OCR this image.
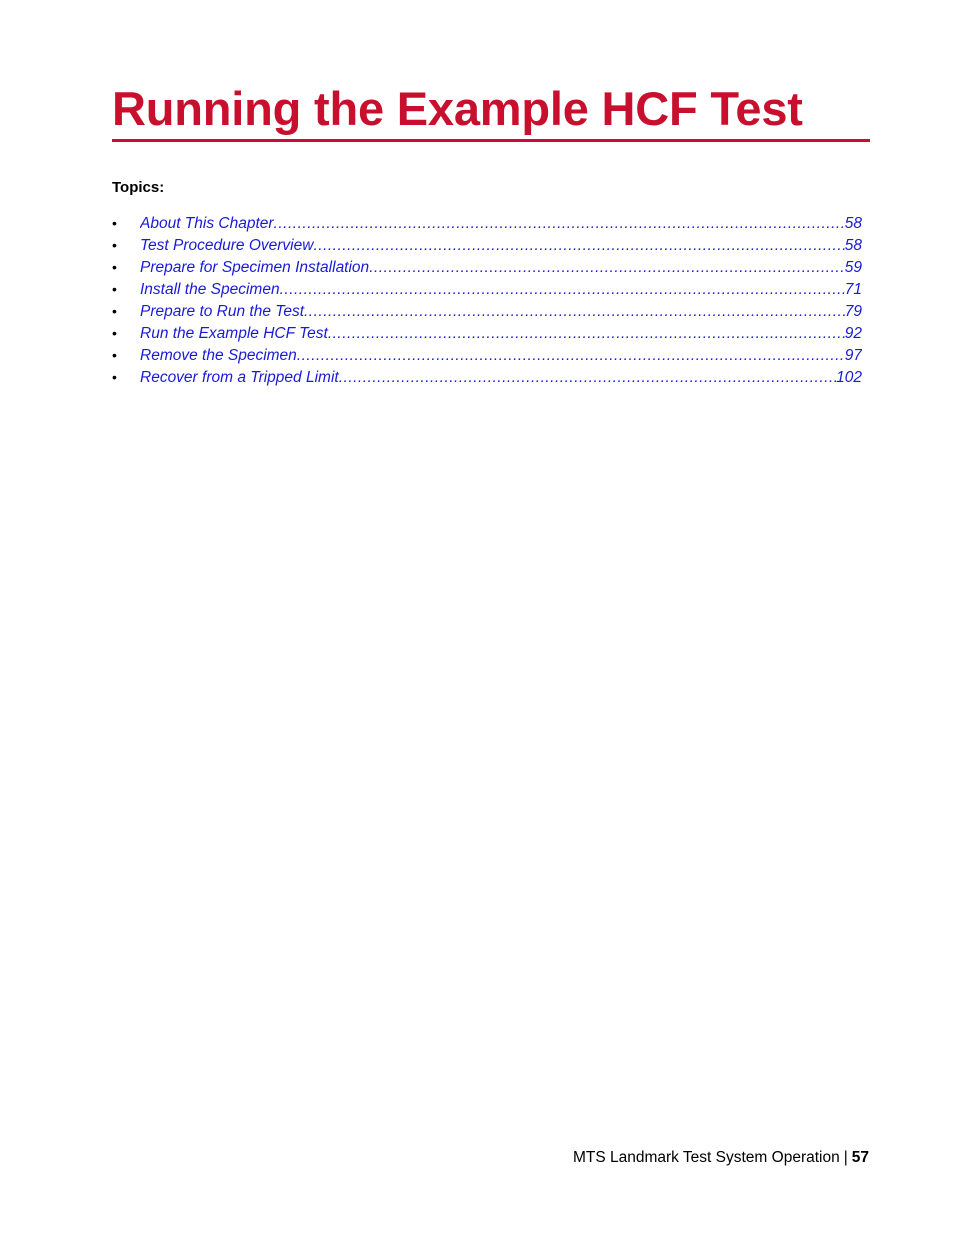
Running the Example HCF Test
Topics:
•	About This Chapter .....	58
•	Test Procedure Overview .....	58
•	Prepare for Specimen Installation .....	59
•	Install the Specimen .....	71
•	Prepare to Run the Test .....	79
•	Run the Example HCF Test .....	92
•	Remove the Specimen .....	97
•	Recover from a Tripped Limit .....	102
MTS Landmark Test System Operation | 57
